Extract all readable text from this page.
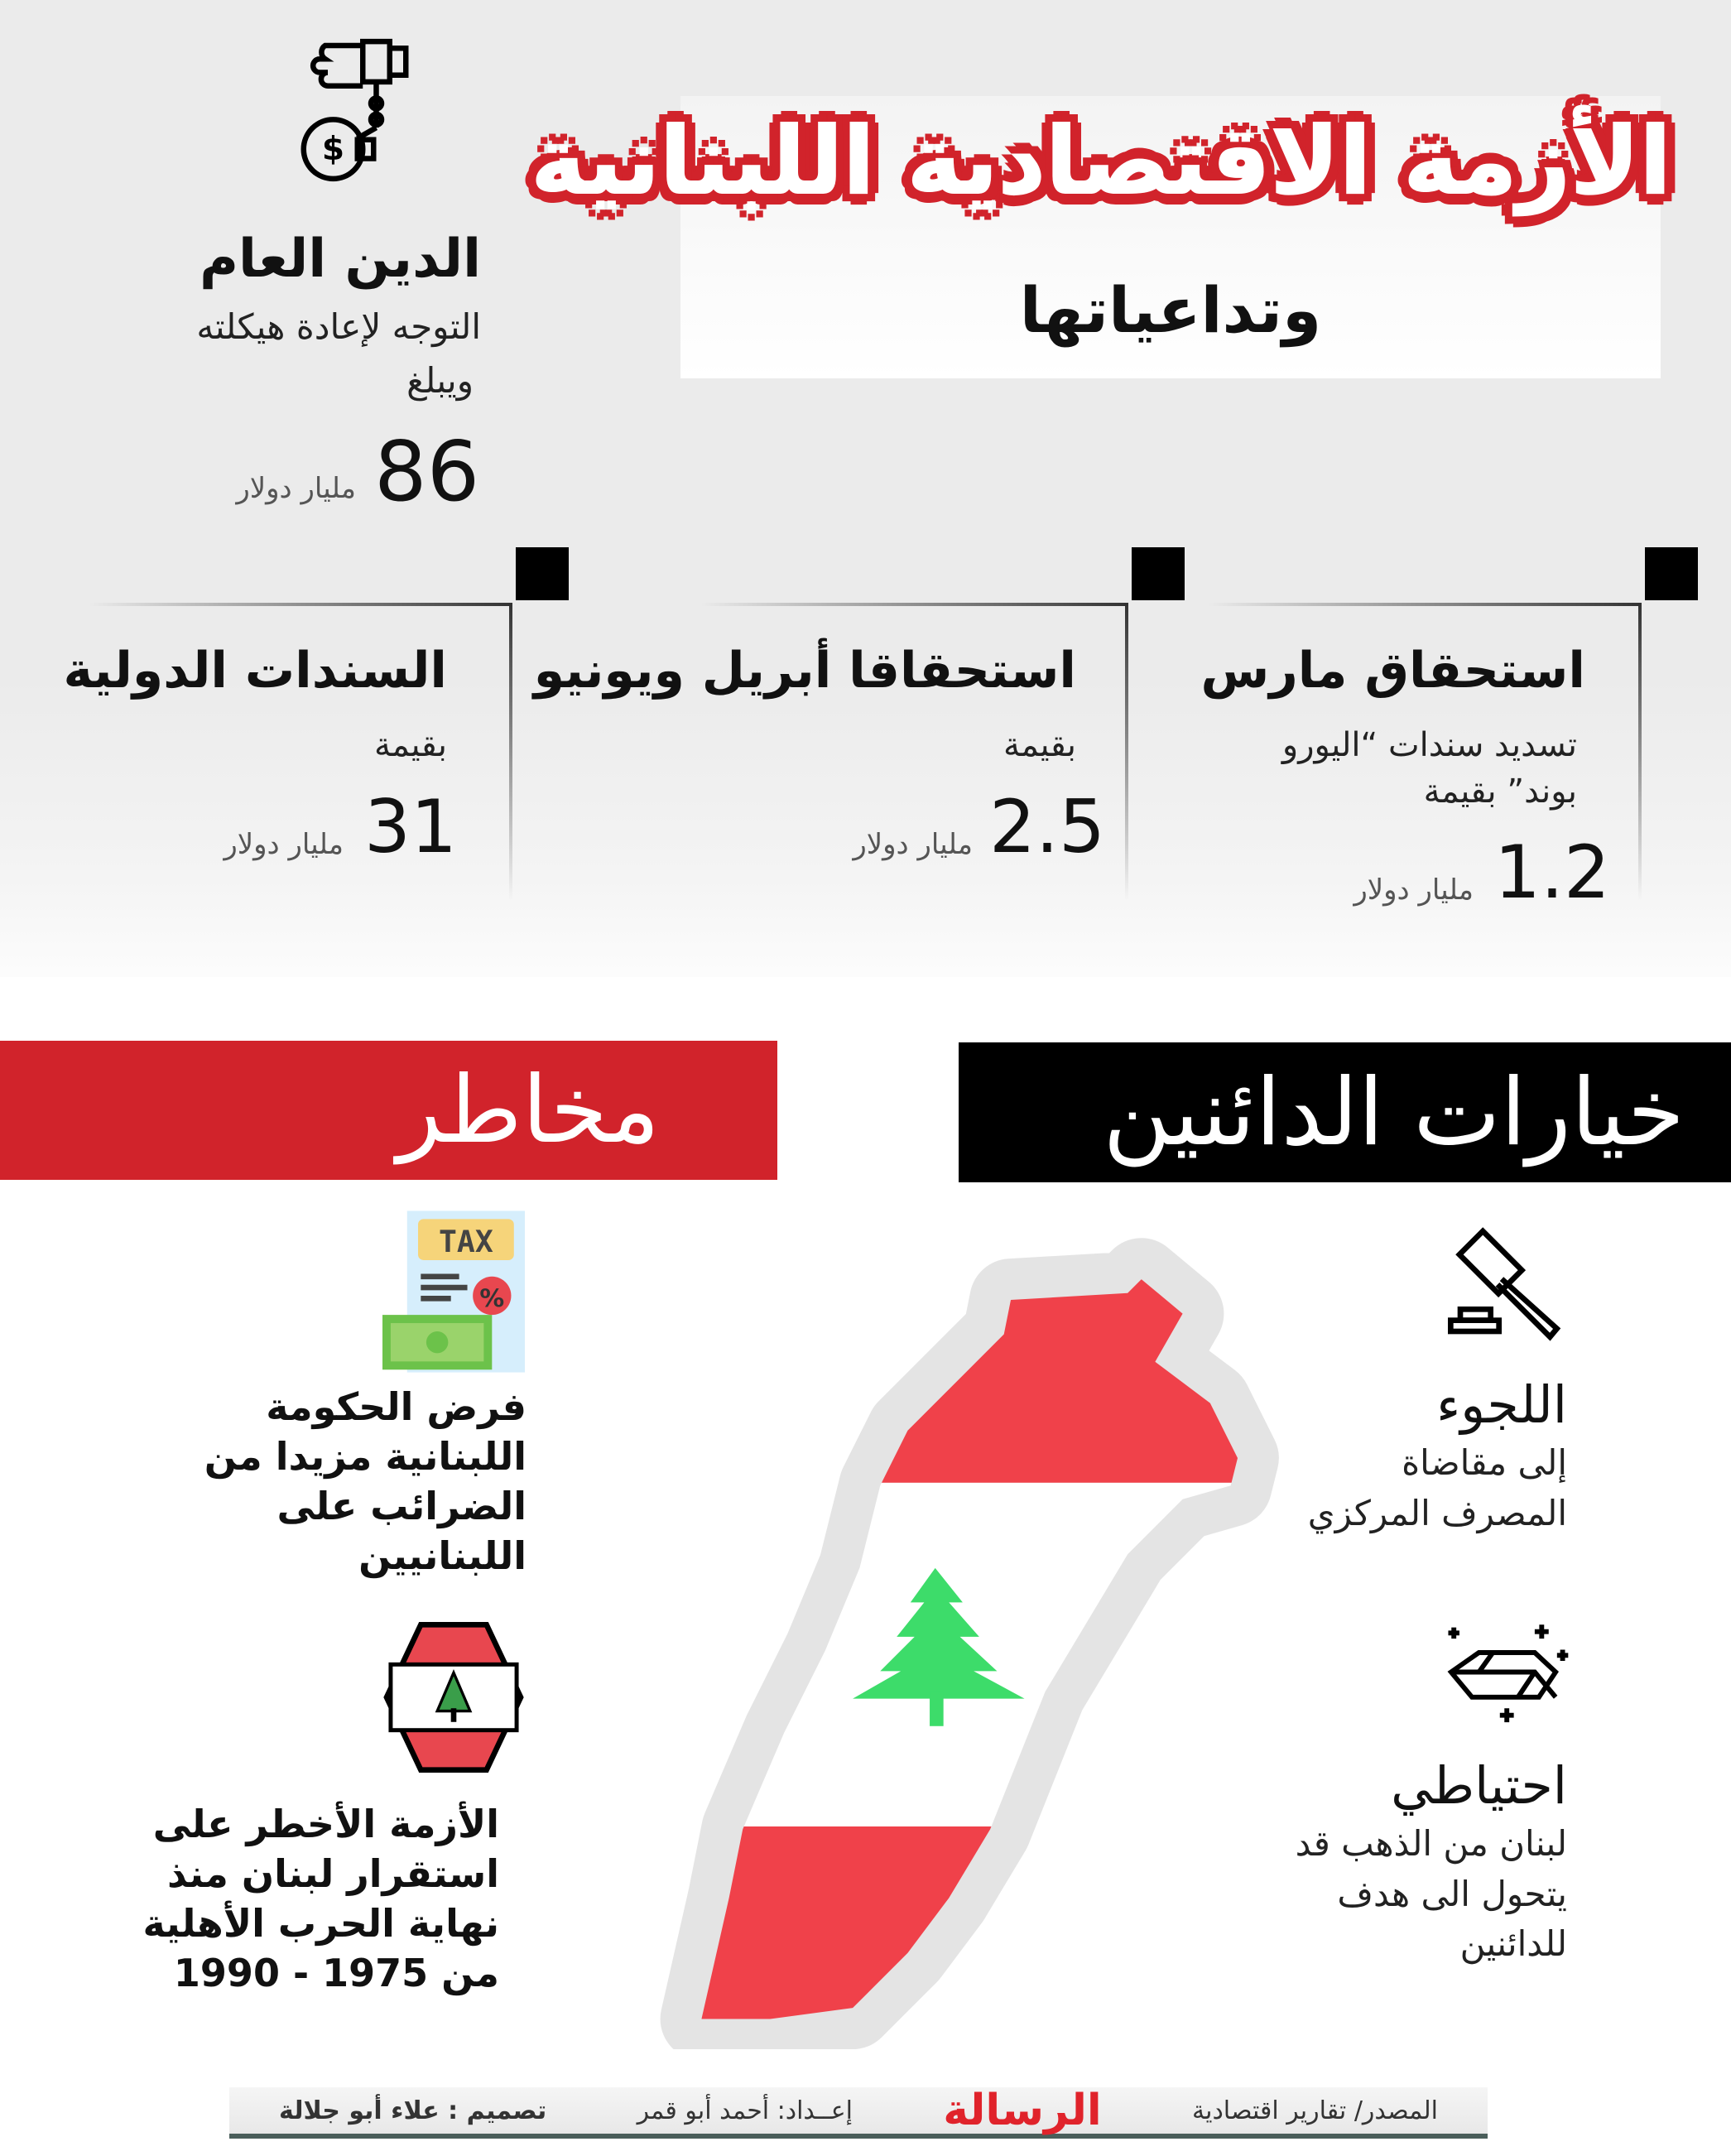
الأزمة الاقتصادية اللبنانية
وتداعياتها
$
الدين العام
التوجه لإعادة هيكلته
ويبلغ
86
مليار دولار
استحقاق مارس
تسديد سندات “اليورو
بوند” بقيمة
1.2
مليار دولار
استحقاقا أبريل ويونيو
بقيمة
2.5
مليار دولار
السندات الدولية
بقيمة
31
مليار دولار
مخاطر	خيارات الدائنين
اللجوء
إلى مقاضاة
المصرف المركزي
احتياطي
لبنان من الذهب قد
يتحول الى هدف
للدائنين
TAX
%
فرض الحكومة
اللبنانية مزيدا من
الضرائب على
اللبنانيين
الأزمة الأخطر على
استقرار لبنان منذ
نهاية الحرب الأهلية
من 1975 - 1990
المصدر/ تقارير اقتصادية
الرسالة
إعــداد: أحمد أبو قمر
تصميم : علاء أبو جلالة
